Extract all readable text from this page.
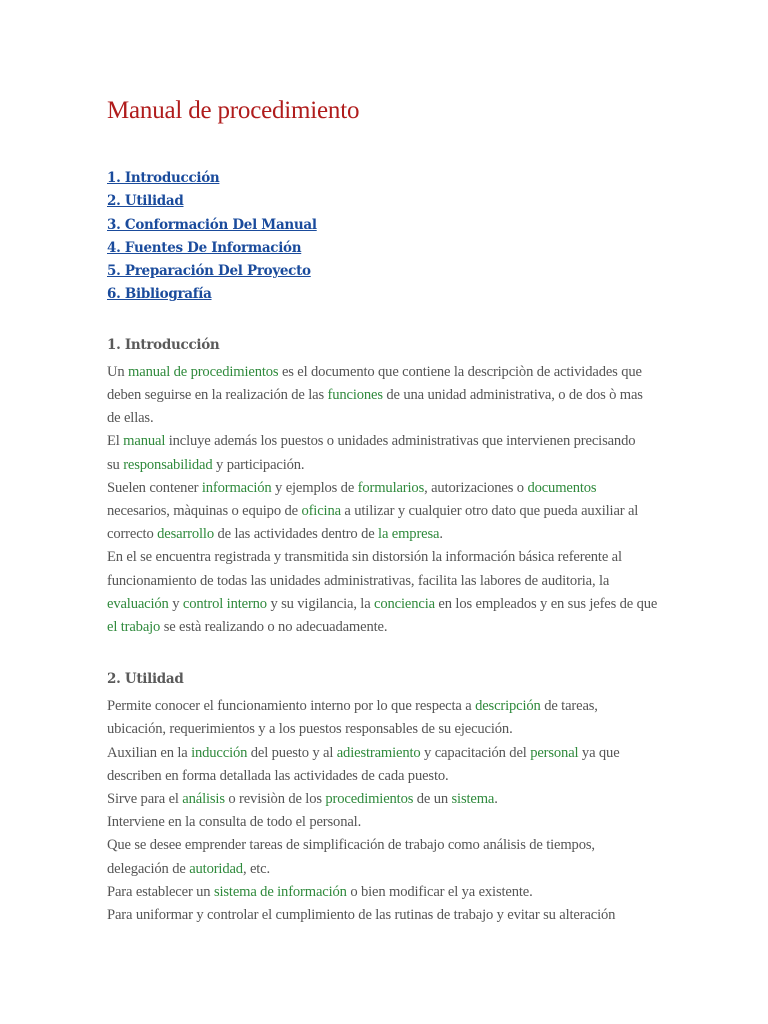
Manual de procedimiento
1. Introducción
2. Utilidad
3. Conformación Del Manual
4. Fuentes De Información
5. Preparación Del Proyecto
6. Bibliografía
1. Introducción
Un manual de procedimientos es el documento que contiene la descripciòn de actividades que
deben seguirse en la realización de las funciones de una unidad administrativa, o de dos ò mas
de ellas.
El manual incluye además los puestos o unidades administrativas que intervienen precisando
su responsabilidad y participación.
Suelen contener información y ejemplos de formularios, autorizaciones o documentos
necesarios, màquinas o equipo de oficina a utilizar y cualquier otro dato que pueda auxiliar al
correcto desarrollo de las actividades dentro de la empresa.
En el se encuentra registrada y transmitida sin distorsión la información básica referente al
funcionamiento de todas las unidades administrativas, facilita las labores de auditoria, la
evaluación y control interno y su vigilancia, la conciencia en los empleados y en sus jefes de que
el trabajo se està realizando o no adecuadamente.
2. Utilidad
Permite conocer el funcionamiento interno por lo que respecta a descripción de tareas,
ubicación, requerimientos y a los puestos responsables de su ejecución.
Auxilian en la inducción del puesto y al adiestramiento y capacitación del personal ya que
describen en forma detallada las actividades de cada puesto.
Sirve para el análisis o revisiòn de los procedimientos de un sistema.
Interviene en la consulta de todo el personal.
Que se desee emprender tareas de simplificación de trabajo como análisis de tiempos,
delegación de autoridad, etc.
Para establecer un sistema de información o bien modificar el ya existente.
Para uniformar y controlar el cumplimiento de las rutinas de trabajo y evitar su alteración
